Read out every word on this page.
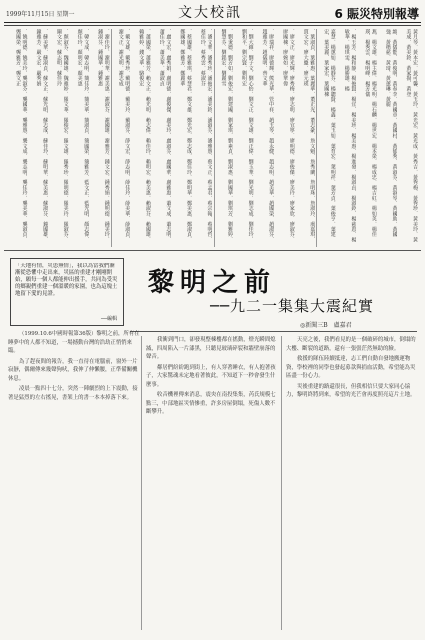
1999年11月15日 星期一	文大校訊	6 賑災特別報導
黃月琴．黃本宏．黃可馨．黃玉玲．黃光宏．黃光成．黃秀吉．黃秀梅．黃秀珍．黃美玲．黃美成．黃美鈴．黃家揚．黃登
維．黃儀能．黃俊明．黃春李．黃國章．黃國村．黃郁秀．黃淑芬．黃淑琴．黃國助．黃國強．黃楷慈．黃琦．黃蕙琳．黃麗
燕．楊文雄．楊主偉．楊光明．楊石麟．楊世宏．楊本榮．楊成忠．楊吉紅．楊如英．楊佳瑛．楊秀雲．楊明峰．楊芳儀
．楊玉芳．楊和靜．楊俊賢．楊宜．楊美珍．楊美惠．楊進發．楊淑貞．楊淑鈴．楊慈恩．楊敏華．楊琪雯．楊勝雄．楊
嘉慧．楊蕙如．楊靜芬．楊聰賢．楊鑫．葉玉如．葉育宏．葉明祥．葉芳貞．葉俊亨．葉建宏．葉美麗．葉家宏．葉國棟
．葉淑貞．葉雅惠．葉麗華．董正光．董志豪．詹文魁．詹秀蘭．詹明珠．詹淑玲．虞嘉琪．賈文宏．廖大慶．廖元瑛
．廖文正．廖光輝．廖秀梅．廖志明．廖宜寧．廖明德．廖俊傑．廖美玲．廖家欣．廖淑芬．廖國棟．廖婉如．廖華偉
．廖瑞祥．廖德輝．熊光華．管中祥．趙玉琴．趙永健．趙志明．趙美華．趙國榮．趙淑芬．趙雅芳．趙儀明．齊文華
．劉大維．劉子文．劉心怡．劉文正．劉文雄．劉正偉．劉玉華．劉光明．劉志成．劉佳玲．劉和平．劉宗賢．劉明宏
．劉秉德．劉芳如．劉俊宏．劉建國．劉家琪．劉素貞．劉淑惠．劉國華．劉琪芳．劉雅婷．劉慧芬．劉銘宏．劉麗雪
．潘文華．潘秀珍．潘俊宏．潘美鈴．潘淑芬．潘雅惠．蔡文正．蔡孟君．蔡宗翰．蔡明哲．蔡佳玲．蔡秀雲．蔡淑芬
．蔡國雄．蔡雅琪．蔡慧君．鄭文雄．鄭光宏．鄭志成．鄭佳玲．鄭明華．鄭美惠．鄭淑貞．鄭國雄．鄭雅芳．鄭麗華
．盧文宏．盧秀娟．盧明德．盧俊傑．盧美玲．盧淑芬．盧國華．盧雅惠．蕭文成．蕭志明．蕭佳玲．蕭美華．蕭淑貞
．蕭國榮．蕭雅芳．賴文正．賴光明．賴志偉．賴佳玲．賴明宏．賴美惠．賴淑芬．賴國雄．賴雅婷．錢文華．駱俊宏
．戴文雄．戴秀珍．戴明德．戴美玲．戴淑芬．薛文宏．薛志明．薛佳玲．薛美華．薛淑貞．謝文正．謝光明．謝志成
．謝佳玲．謝明華．謝美惠．謝淑芬．謝國雄．謝雅芳．鍾文宏．鍾秀娟．鍾明德．鍾美玲．鍾淑芬．鍾國華．鍾雅惠
．韓文成．韓志明．簡佳玲．簡美華．簡淑貞．簡國榮．簡雅芳．藍文正．藍光明．顏志偉．顏佳玲．顏明宏．顏美惠
．顏淑芬．魏國雄．魏雅婷．羅文華．羅俊宏．羅文雄．羅秀珍．羅明德．羅美玲．羅淑芬．關文宏．蘇志明．蘇佳玲
．蘇美華．蘇淑貞．蘇文正．蘇光明．蘇志成．蘇佳玲．蘇明華．蘇美惠．蘇淑芬．鐘國雄．鐘雅芳．嚴文宏．嚴秀娟
．饒明德．饒美玲．龔淑芬．龔國華．龔雅惠．龔文成．龔志明．龔佳玲．龔美華．龔淑貞．龔國榮．龔雅芳．龔文正
「天地有情，災患無情」，我以為當我們漸漸從恐懼中走出來，災區的重建才剛剛開始，願每一個人都能伸出援手，共同為受災的鄉親們重建一個溫暖的家園，也為這塊土地留下愛的見證。
──編輯
黎明之前
──九二一集集大震紀實
◎新聞三B　盧嘉君

（1999.10.6中國時報第36版）黎明之前，所有在睡夢中的人都不知道，一場撼動台灣的浩劫正悄悄來臨。

為了趕夜間的報告，我一直待在電腦前，窗外一片寂靜，偶爾傳來幾聲狗吠，我伸了伸懶腰，正準備關機休息。

凌晨一點四十七分，突然一陣劇烈的上下震動，接著是猛烈的左右搖晃，書架上的書一本本掉落下來。

我衝到門口，卻發現整棟樓都在搖動，燈光瞬間熄滅，四周陷入一片漆黑，只聽見玻璃碎裂和牆壁崩落的聲音。

鄰居們紛紛跑到街上，有人穿著睡衣，有人抱著孩子，大家驚魂未定地看著彼此，不知道下一秒會發生什麼事。

收音機裡傳來消息，震央在南投集集，芮氏規模七點三，中部地區災情慘重，許多房屋倒塌，死傷人數不斷攀升。

天亮之後，我們看見的是一個破碎的城市，倒塌的大樓、斷裂的道路，還有一張張茫然無助的臉。

救援的隊伍陸續抵達，志工們自動自發地搬運物資，學校裡的同學也發起募款與捐血活動，希望能為災區盡一份心力。

災後重建的路還很長，但我相信只要大家同心協力，黎明終將到來，希望的光芒會再度照亮這片土地。
